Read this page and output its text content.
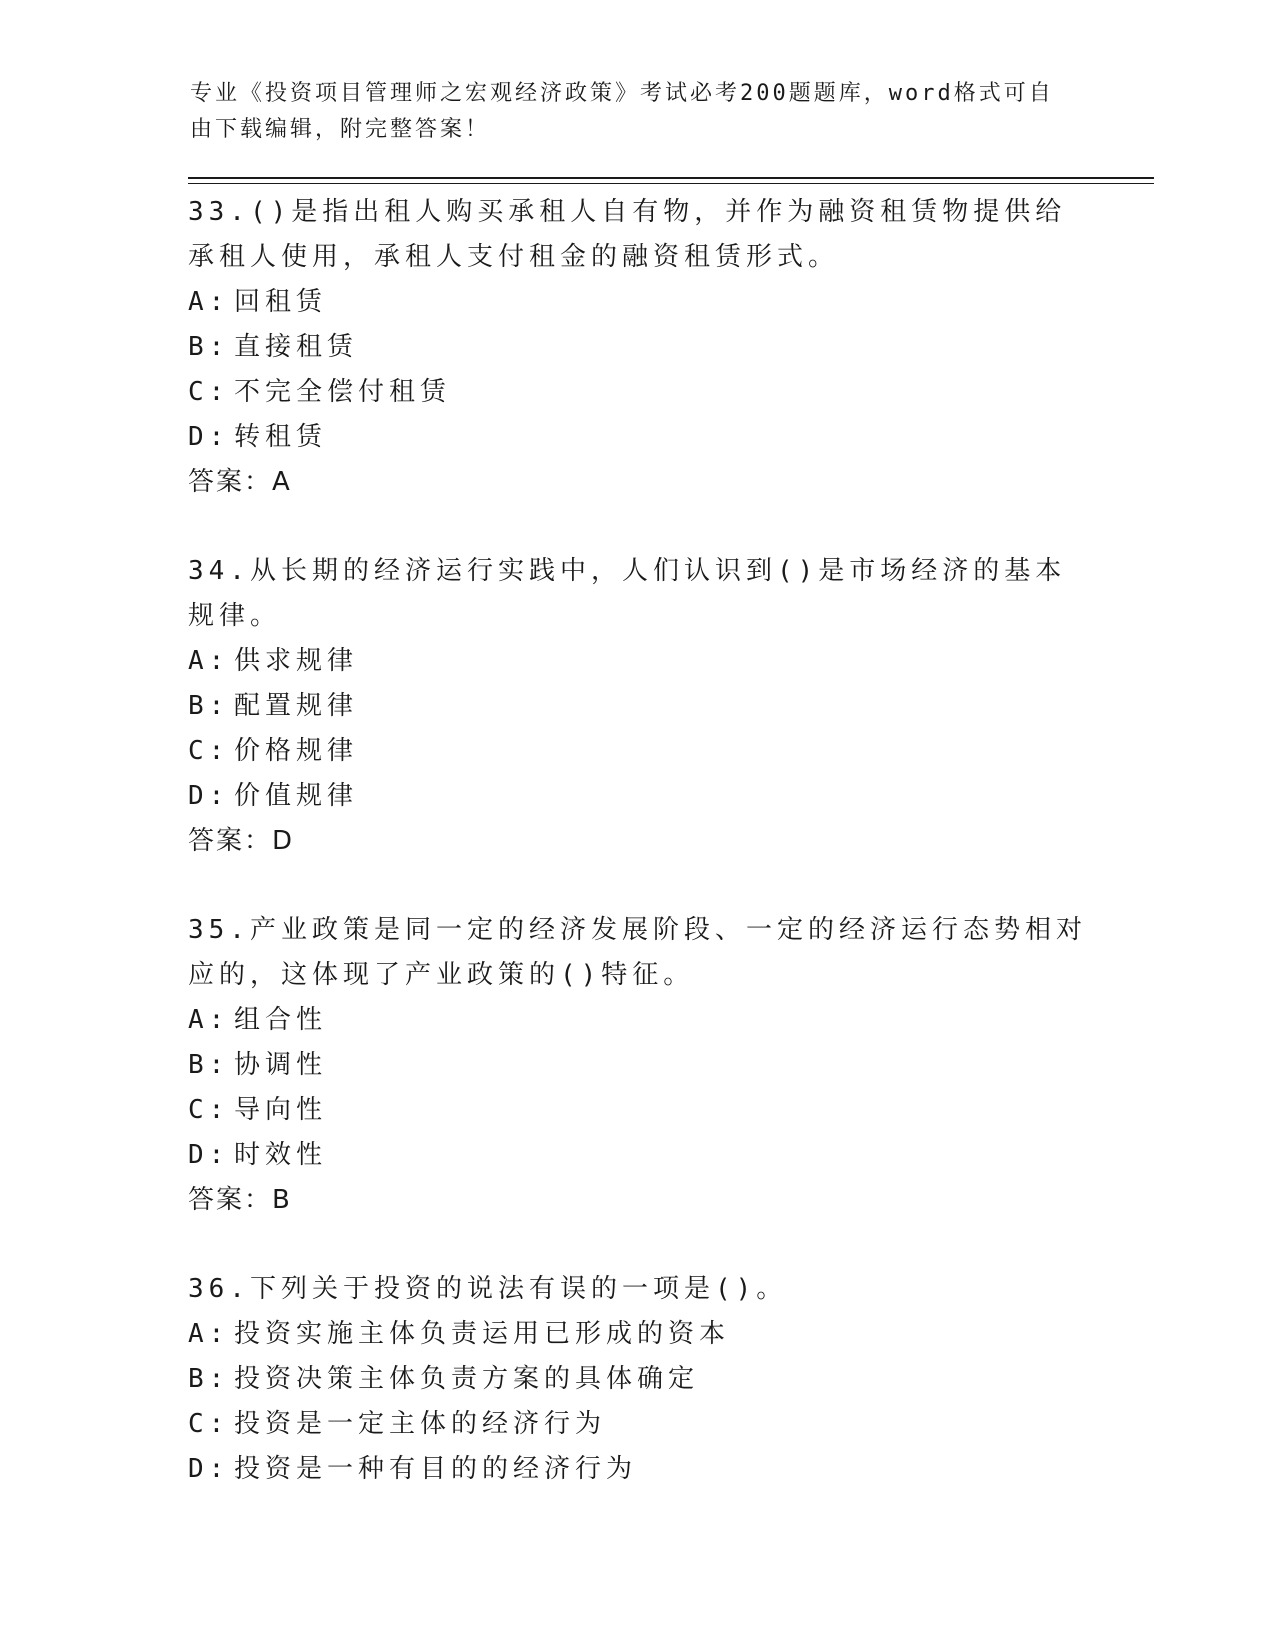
专业《投资项目管理师之宏观经济政策》考试必考200题题库，word格式可自由下载编辑，附完整答案！
33.()是指出租人购买承租人自有物，并作为融资租赁物提供给承租人使用，承租人支付租金的融资租赁形式。
A: 回租赁
B: 直接租赁
C: 不完全偿付租赁
D: 转租赁
答案：A
34.从长期的经济运行实践中，人们认识到()是市场经济的基本规律。
A: 供求规律
B: 配置规律
C: 价格规律
D: 价值规律
答案：D
35.产业政策是同一定的经济发展阶段、一定的经济运行态势相对应的，这体现了产业政策的()特征。
A: 组合性
B: 协调性
C: 导向性
D: 时效性
答案：B
36.下列关于投资的说法有误的一项是()。
A: 投资实施主体负责运用已形成的资本
B: 投资决策主体负责方案的具体确定
C: 投资是一定主体的经济行为
D: 投资是一种有目的的经济行为
